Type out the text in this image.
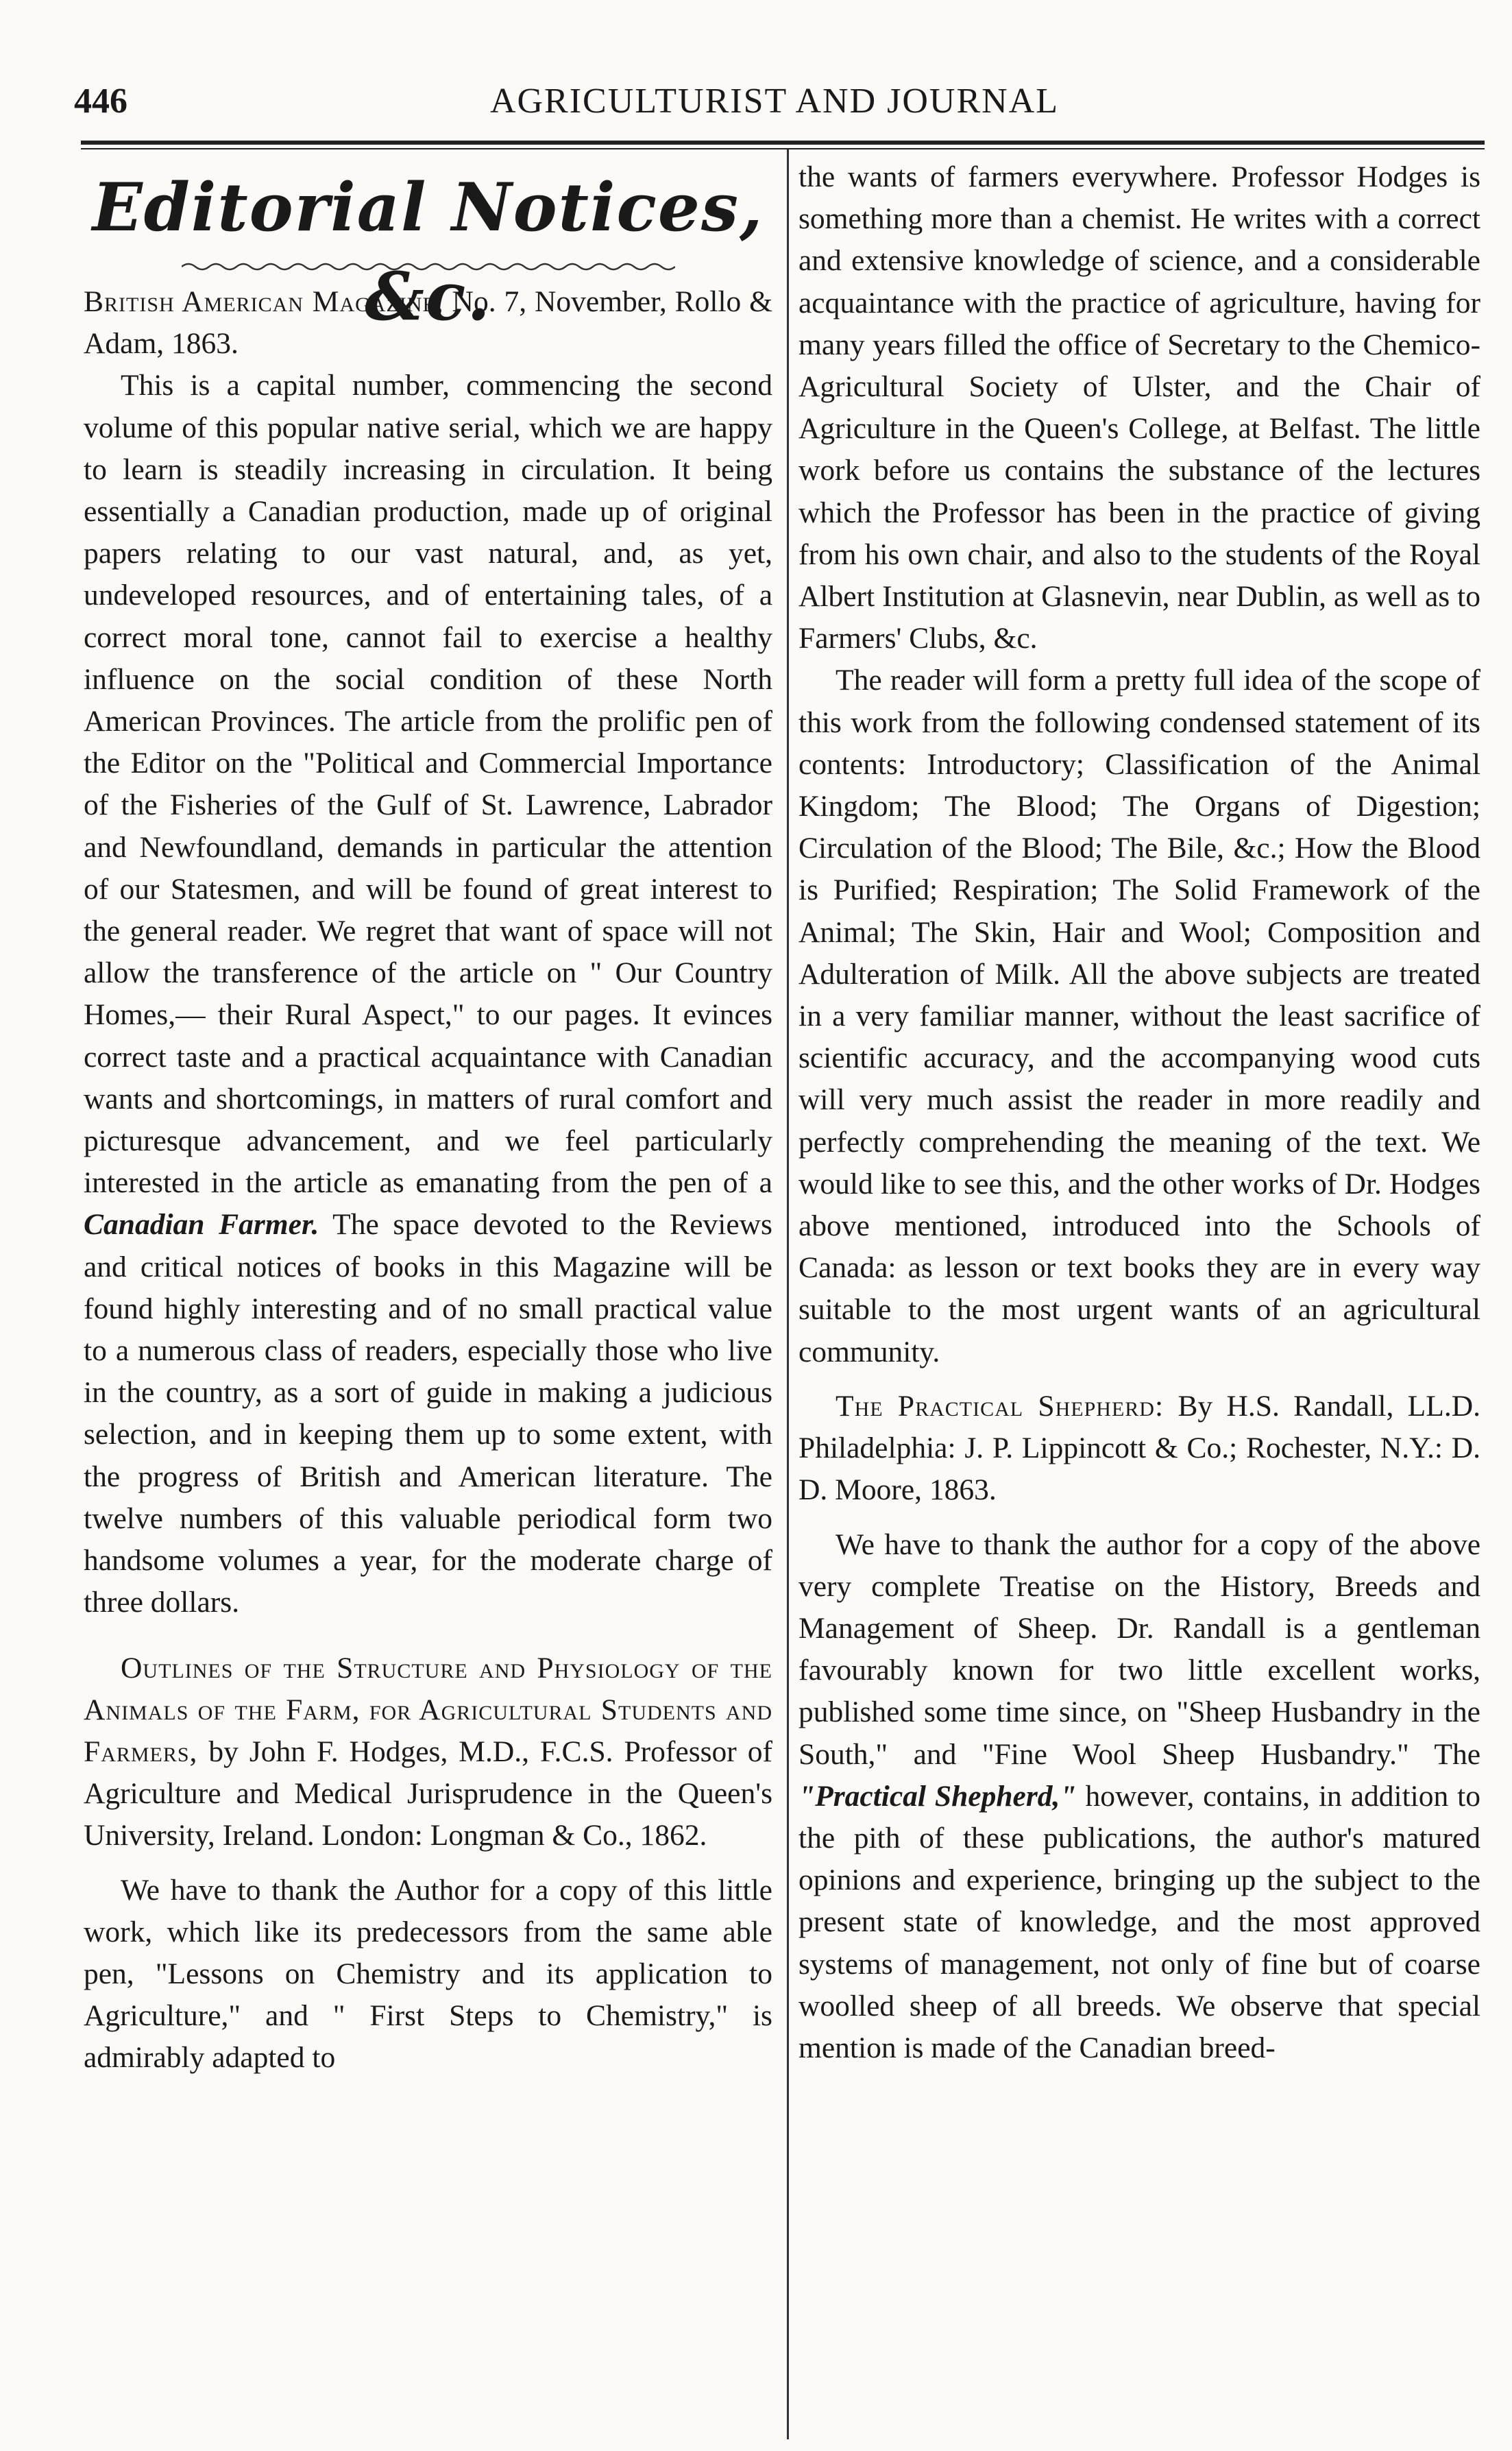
446	AGRICULTURIST AND JOURNAL
Editorial Notices, &c.

British American Magazine, No. 7, November, Rollo & Adam, 1863.

This is a capital number, commencing the second volume of this popular native serial, which we are happy to learn is steadily increasing in circulation. It being essentially a Canadian production, made up of original papers relating to our vast natural, and, as yet, undeveloped resources, and of entertaining tales, of a correct moral tone, cannot fail to exercise a healthy influence on the social condition of these North American Provinces. The article from the prolific pen of the Editor on the "Political and Commercial Importance of the Fisheries of the Gulf of St. Lawrence, Labrador and Newfoundland, demands in particular the attention of our Statesmen, and will be found of great interest to the general reader. We regret that want of space will not allow the transference of the article on " Our Country Homes,— their Rural Aspect," to our pages. It evinces correct taste and a practical acquaintance with Canadian wants and shortcomings, in matters of rural comfort and picturesque advancement, and we feel particularly interested in the article as emanating from the pen of a Canadian Farmer. The space devoted to the Reviews and critical notices of books in this Magazine will be found highly interesting and of no small practical value to a numerous class of readers, especially those who live in the country, as a sort of guide in making a judicious selection, and in keeping them up to some extent, with the progress of British and American literature. The twelve numbers of this valuable periodical form two handsome volumes a year, for the moderate charge of three dollars.

Outlines of the Structure and Physiology of the Animals of the Farm, for Agricultural Students and Farmers, by John F. Hodges, M.D., F.C.S. Professor of Agriculture and Medical Jurisprudence in the Queen's University, Ireland. London: Longman & Co., 1862.

We have to thank the Author for a copy of this little work, which like its predecessors from the same able pen, "Lessons on Chemistry and its application to Agriculture," and " First Steps to Chemistry," is admirably adapted to

the wants of farmers everywhere. Professor Hodges is something more than a chemist. He writes with a correct and extensive knowledge of science, and a considerable acquaintance with the practice of agriculture, having for many years filled the office of Secretary to the Chemico-Agricultural Society of Ulster, and the Chair of Agriculture in the Queen's College, at Belfast. The little work before us contains the substance of the lectures which the Professor has been in the practice of giving from his own chair, and also to the students of the Royal Albert Institution at Glasnevin, near Dublin, as well as to Farmers' Clubs, &c.

The reader will form a pretty full idea of the scope of this work from the following condensed statement of its contents: Introductory; Classification of the Animal Kingdom; The Blood; The Organs of Digestion; Circulation of the Blood; The Bile, &c.; How the Blood is Purified; Respiration; The Solid Framework of the Animal; The Skin, Hair and Wool; Composition and Adulteration of Milk. All the above subjects are treated in a very familiar manner, without the least sacrifice of scientific accuracy, and the accompanying wood cuts will very much assist the reader in more readily and perfectly comprehending the meaning of the text. We would like to see this, and the other works of Dr. Hodges above mentioned, introduced into the Schools of Canada: as lesson or text books they are in every way suitable to the most urgent wants of an agricultural community.

The Practical Shepherd: By H.S. Randall, LL.D. Philadelphia: J. P. Lippincott & Co.; Rochester, N.Y.: D. D. Moore, 1863.

We have to thank the author for a copy of the above very complete Treatise on the History, Breeds and Management of Sheep. Dr. Randall is a gentleman favourably known for two little excellent works, published some time since, on "Sheep Husbandry in the South," and "Fine Wool Sheep Husbandry." The "Practical Shepherd," however, contains, in addition to the pith of these publications, the author's matured opinions and experience, bringing up the subject to the present state of knowledge, and the most approved systems of management, not only of fine but of coarse woolled sheep of all breeds. We observe that special mention is made of the Canadian breed-
